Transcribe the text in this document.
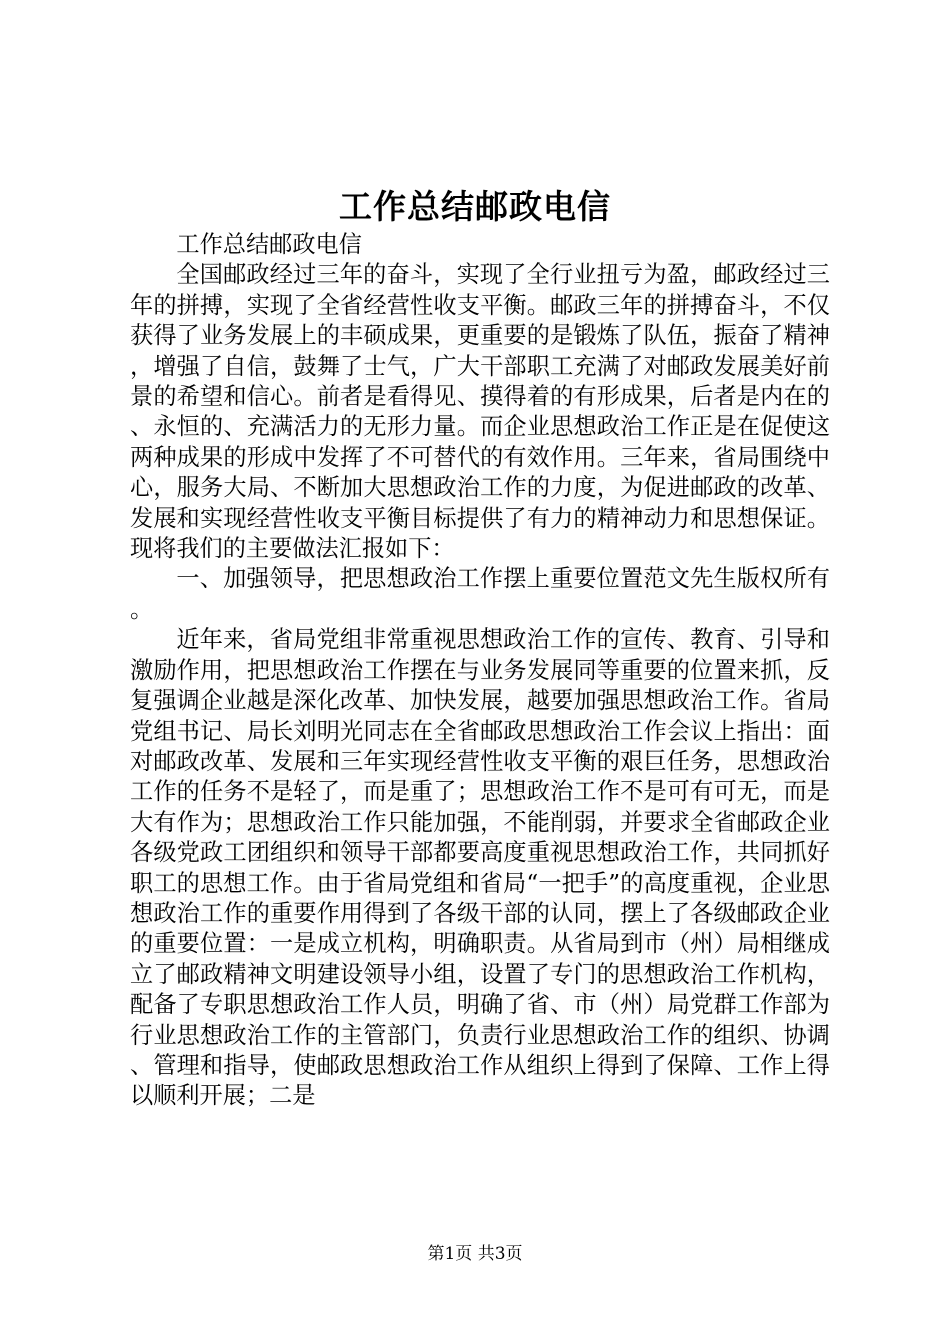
工作总结邮政电信

工作总结邮政电信

全国邮政经过三年的奋斗，实现了全行业扭亏为盈，邮政经过三年的拼搏，实现了全省经营性收支平衡。邮政三年的拼搏奋斗，不仅获得了业务发展上的丰硕成果，更重要的是锻炼了队伍，振奋了精神，增强了自信，鼓舞了士气，广大干部职工充满了对邮政发展美好前景的希望和信心。前者是看得见、摸得着的有形成果，后者是内在的、永恒的、充满活力的无形力量。而企业思想政治工作正是在促使这两种成果的形成中发挥了不可替代的有效作用。三年来，省局围绕中心，服务大局、不断加大思想政治工作的力度，为促进邮政的改革、发展和实现经营性收支平衡目标提供了有力的精神动力和思想保证。现将我们的主要做法汇报如下：

一、加强领导，把思想政治工作摆上重要位置范文先生版权所有。

近年来，省局党组非常重视思想政治工作的宣传、教育、引导和激励作用，把思想政治工作摆在与业务发展同等重要的位置来抓，反复强调企业越是深化改革、加快发展，越要加强思想政治工作。省局党组书记、局长刘明光同志在全省邮政思想政治工作会议上指出：面对邮政改革、发展和三年实现经营性收支平衡的艰巨任务，思想政治工作的任务不是轻了，而是重了；思想政治工作不是可有可无，而是大有作为；思想政治工作只能加强，不能削弱，并要求全省邮政企业各级党政工团组织和领导干部都要高度重视思想政治工作，共同抓好职工的思想工作。由于省局党组和省局“一把手”的高度重视，企业思想政治工作的重要作用得到了各级干部的认同，摆上了各级邮政企业的重要位置：一是成立机构，明确职责。从省局到市（州）局相继成立了邮政精神文明建设领导小组，设置了专门的思想政治工作机构，配备了专职思想政治工作人员，明确了省、市（州）局党群工作部为行业思想政治工作的主管部门，负责行业思想政治工作的组织、协调、管理和指导，使邮政思想政治工作从组织上得到了保障、工作上得以顺利开展；二是

第1页 共3页
